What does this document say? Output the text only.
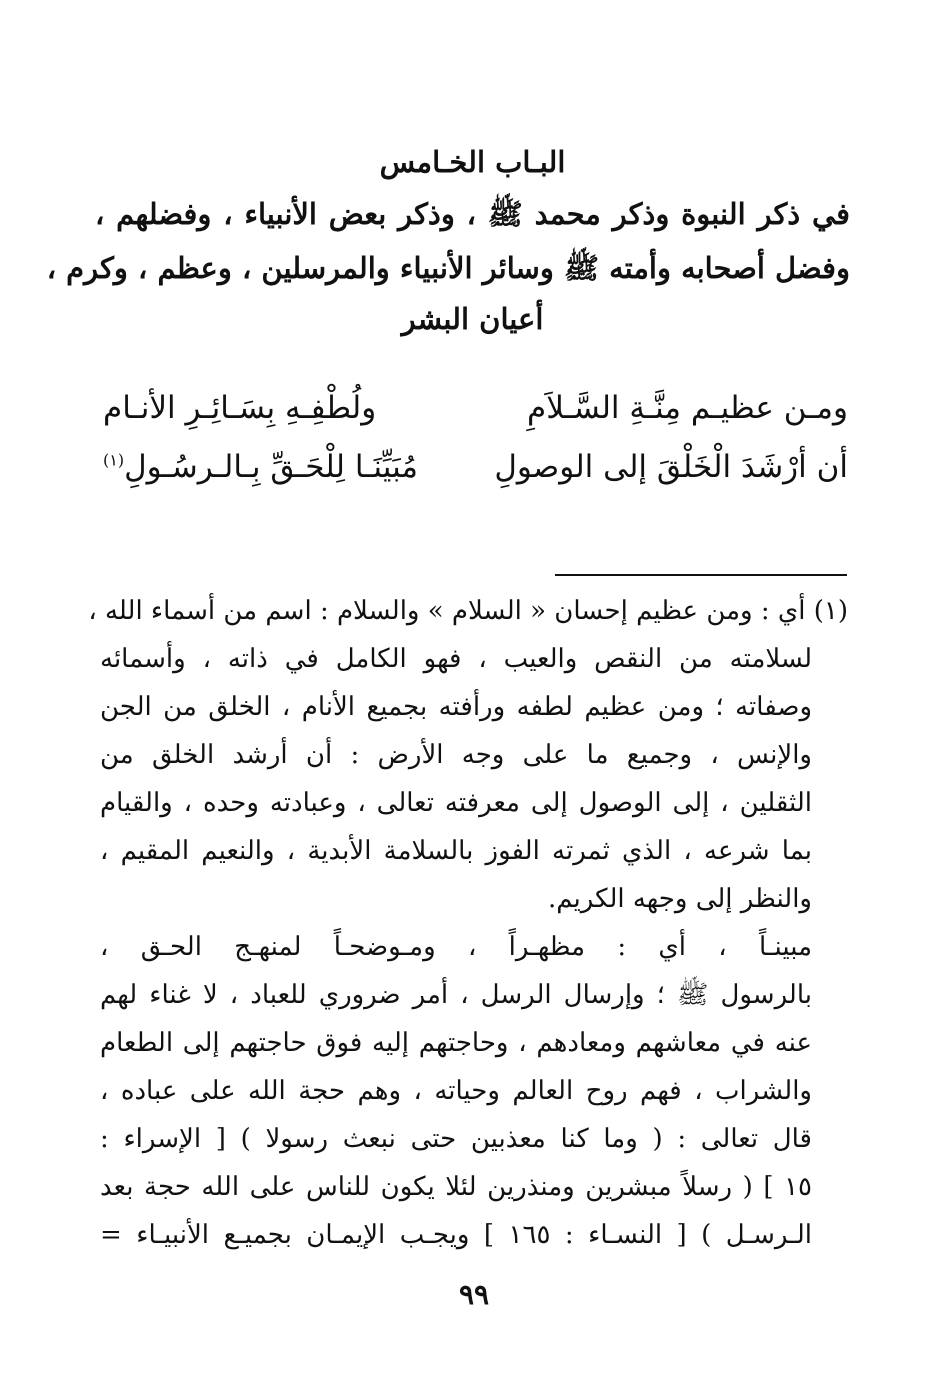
البـاب الخـامس
في ذكر النبوة وذكر محمد ﷺ ، وذكر بعض الأنبياء ، وفضلهم ،
وفضل أصحابه وأمته ﷺ وسائر الأنبياء والمرسلين ، وعظم ، وكرم ،
أعيان البشر
ومـن عظيـم مِنَّـةِ السَّـلاَمِ
ولُطْفِـهِ بِسَـائِـرِ الأنـام
أن أرْشَدَ الْخَلْقَ إلى الوصولِ
مُبَيِّنَـا لِلْحَـقِّ بِـالـرسُـولِ$^{(١)}$
(١) أي : ومن عظيم إحسان « السلام » والسلام : اسم من أسماء الله ،
لسلامته من النقص والعيب ، فهو الكامل في ذاته ، وأسمائه
وصفاته ؛ ومن عظيم لطفه ورأفته بجميع الأنام ، الخلق من الجن
والإنس ، وجميع ما على وجه الأرض : أن أرشد الخلق من
الثقلين ، إلى الوصول إلى معرفته تعالى ، وعبادته وحده ، والقيام
بما شرعه ، الذي ثمرته الفوز بالسلامة الأبدية ، والنعيم المقيم ،
والنظر إلى وجهه الكريم.
مبينـاً ، أي : مظهـراً ، ومـوضحـاً لمنهـج الحـق ،
بالرسول ﷺ ؛ وإرسال الرسل ، أمر ضروري للعباد ، لا غناء لهم
عنه في معاشهم ومعادهم ، وحاجتهم إليه فوق حاجتهم إلى الطعام
والشراب ، فهم روح العالم وحياته ، وهم حجة الله على عباده ،
قال تعالى : ( وما كنا معذبين حتى نبعث رسولا ) [ الإسراء :
١٥ ] ( رسلاً مبشرين ومنذرين لئلا يكون للناس على الله حجة بعد
الـرسـل ) [ النسـاء : ١٦٥ ] ويجـب الإيمـان بجميـع الأنبيـاء =
٩٩
